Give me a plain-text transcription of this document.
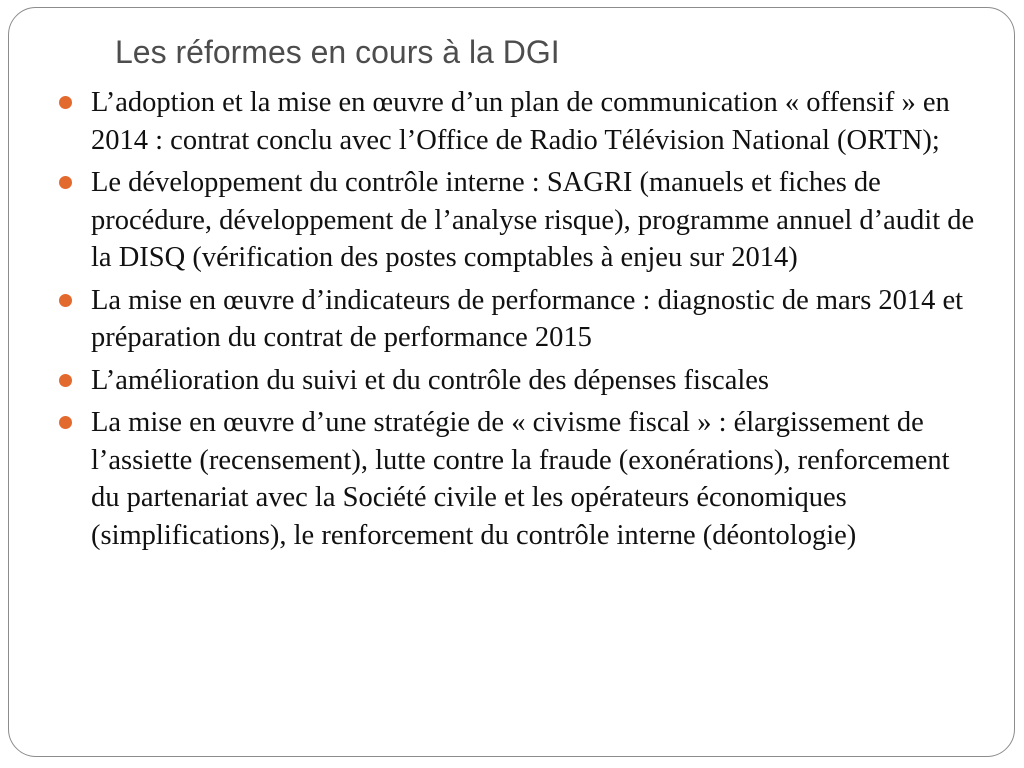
Les réformes en cours à la DGI
L’adoption et la mise en œuvre d’un plan de communication « offensif » en 2014 : contrat conclu avec l’Office de Radio Télévision National (ORTN);
Le développement du contrôle interne : SAGRI (manuels et fiches de procédure, développement de l’analyse risque), programme annuel d’audit de la DISQ (vérification des postes comptables à enjeu sur 2014)
La mise en œuvre d’indicateurs de performance : diagnostic de mars 2014 et préparation du contrat de performance 2015
L’amélioration du suivi et du contrôle des dépenses fiscales
La mise en œuvre d’une stratégie de « civisme fiscal » : élargissement de l’assiette (recensement), lutte contre la fraude (exonérations), renforcement du partenariat avec la Société civile et les opérateurs économiques (simplifications), le renforcement du contrôle interne (déontologie)
